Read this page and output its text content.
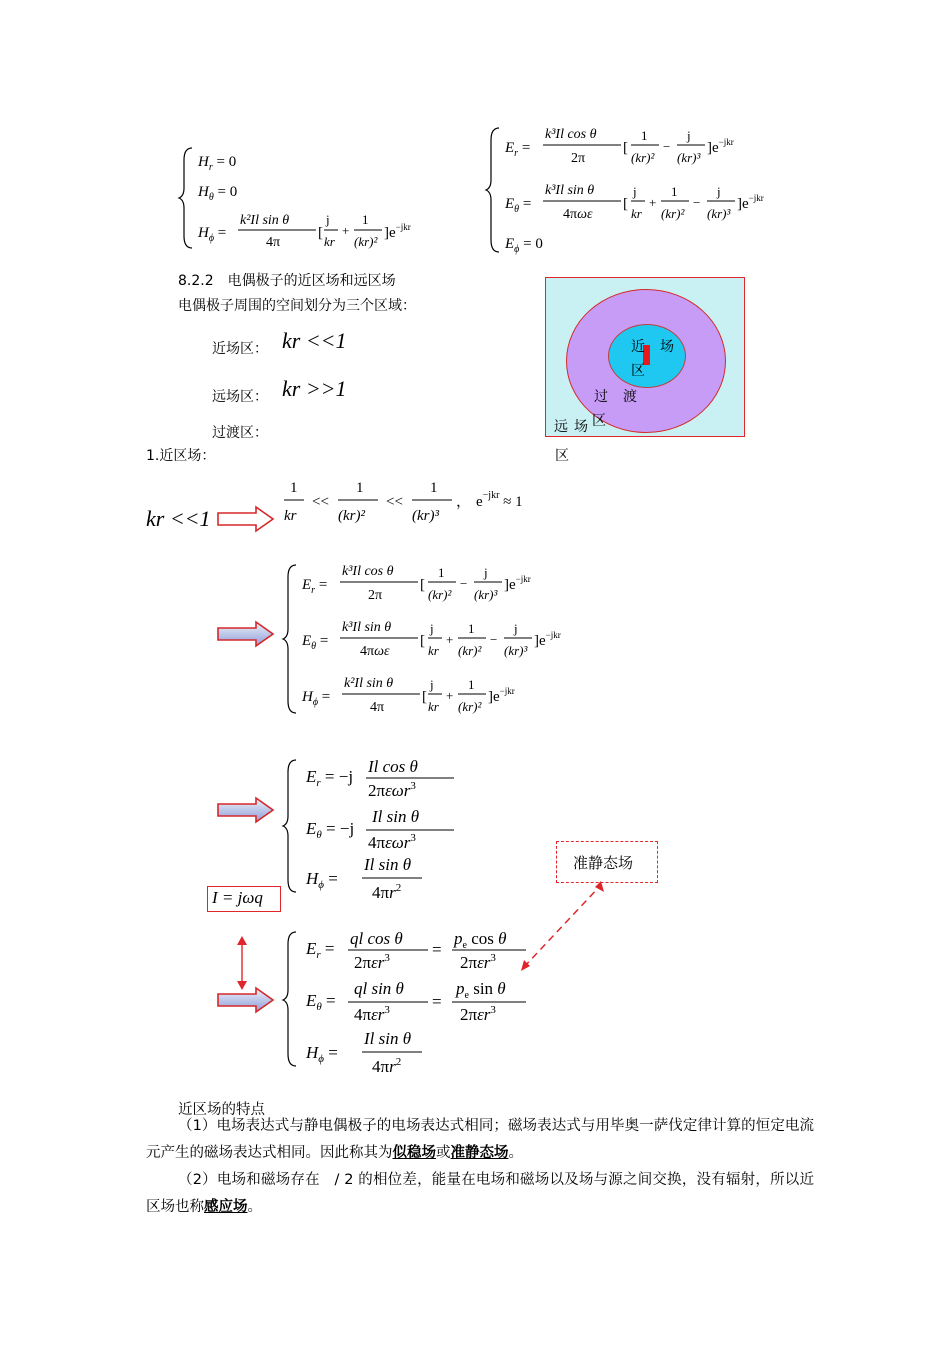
$H_r = 0$
$H_\theta = 0$
$H_\phi$ =
k²Il sin θ
4π
[
j
kr
+
1
(kr)²
]$e^{-jkr}$
$E_r$ =
k³Il cos θ
2π
[
1
(kr)²
−
j
(kr)³
]$e^{-jkr}$
$E_\theta$ =
k³Il sin θ
4πωε
[
j
kr
+
1
(kr)²
−
j
(kr)³
]$e^{-jkr}$
$E_\phi = 0$
8.2.2　电偶极子的近区场和远区场
电偶极子周围的空间划分为三个区域：
近场区： kr <<1
远场区： kr >>1
过渡区：
1.近区场：
近 场
区
过 渡
区
远 场
区
kr <<1
1
kr
<<
1
(kr)²
<<
1
(kr)³
， $e^{-jkr} \approx 1$
$E_r$ =
k³Il cos θ
2π
[
1
(kr)²
−
j
(kr)³
]$e^{-jkr}$
$E_\theta$ =
k³Il sin θ
4πωε
[
j
kr
+
1
(kr)²
−
j
(kr)³
]$e^{-jkr}$
$H_\phi$ =
k²Il sin θ
4π
[
j
kr
+
1
(kr)²
]$e^{-jkr}$
$E_r = -j$
Il cos θ
2πεωr$^3$
$E_\theta = -j$
Il sin θ
4πεωr$^3$
$H_\phi$ =
Il sin θ
$4\pi r^2$
I = jωq
准静态场
$E_r$ =
ql cos θ
2πεr$^3$ =
$p_e$ cos θ
2πεr$^3$
$E_\theta$ =
ql sin θ
4πεr$^3$ =
$p_e$ sin θ
2πεr$^3$
$H_\phi$ =
Il sin θ
$4\pi r^2$
近区场的特点
（1）电场表达式与静电偶极子的电场表达式相同；磁场表达式与用毕奥一萨伐定律计算的恒定电流元产生的磁场表达式相同。因此称其为似稳场或准静态场。
（2）电场和磁场存在　/ 2 的相位差，能量在电场和磁场以及场与源之间交换，没有辐射，所以近区场也称感应场。
